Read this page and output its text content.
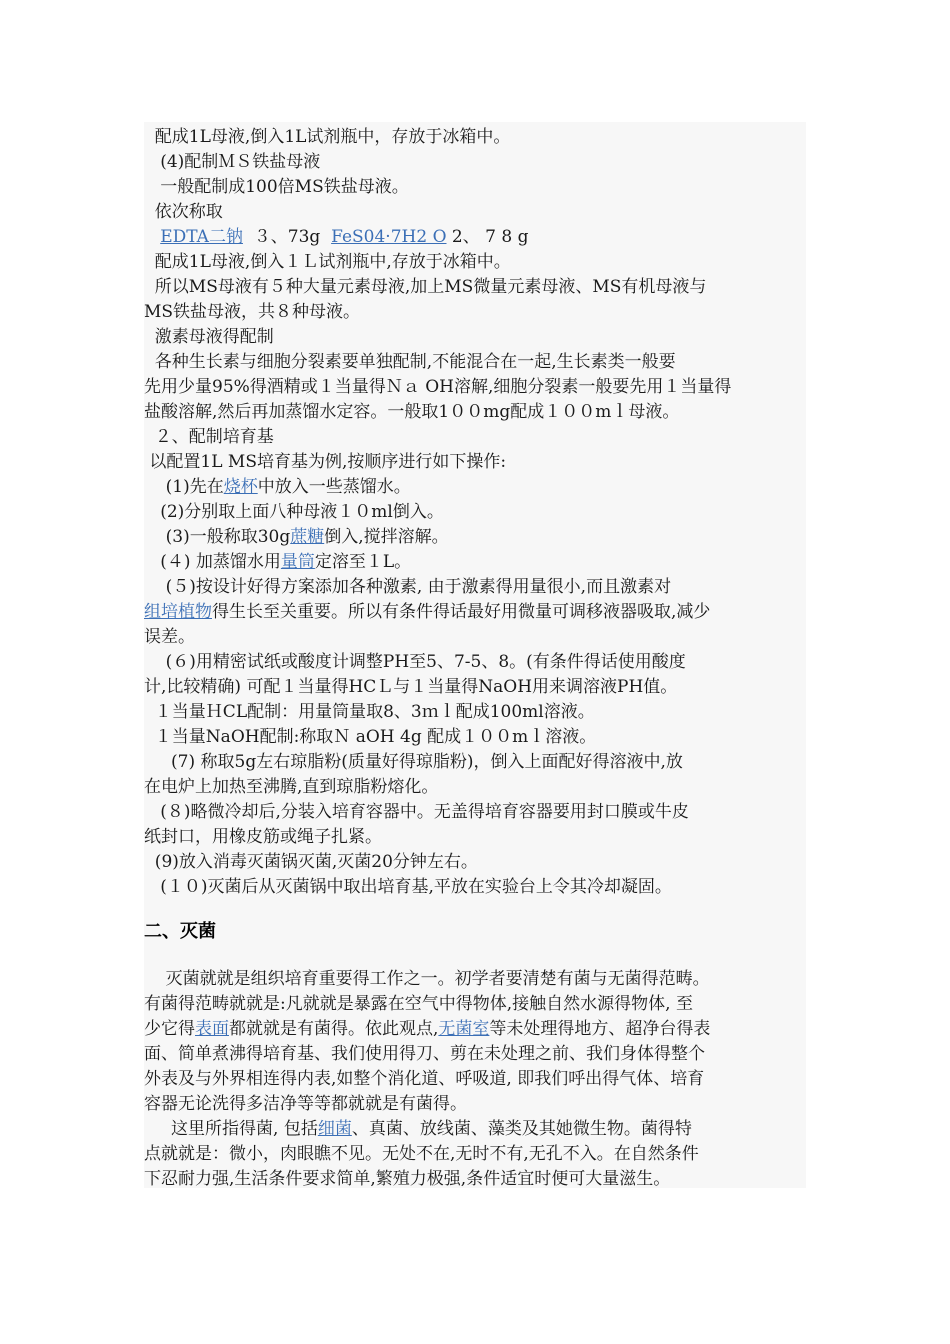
配成1L母液,倒入1L试剂瓶中，存放于冰箱中。
(4)配制ＭＳ铁盐母液
一般配制成100倍MS铁盐母液。
依次称取
EDTA二钠  ３、73g  FeS04·7H2 O 2、 7 8 g
配成1L母液,倒入１Ｌ试剂瓶中,存放于冰箱中。
所以MS母液有５种大量元素母液,加上MS微量元素母液、MS有机母液与
MS铁盐母液，共８种母液。
激素母液得配制
各种生长素与细胞分裂素要单独配制,不能混合在一起,生长素类一般要
先用少量95%得酒精或１当量得Ｎａ OH溶解,细胞分裂素一般要先用１当量得
盐酸溶解,然后再加蒸馏水定容。一般取1００mg配成１００mｌ母液。
２、配制培育基
以配置1L MS培育基为例,按顺序进行如下操作:
(1)先在烧杯中放入一些蒸馏水。
(2)分别取上面八种母液１０ml倒入。
(3)一般称取30g蔗糖倒入,搅拌溶解。
(４) 加蒸馏水用量筒定溶至１L。
(５)按设计好得方案添加各种激素, 由于激素得用量很小,而且激素对
组培植物得生长至关重要。所以有条件得话最好用微量可调移液器吸取,减少
误差。
(６)用精密试纸或酸度计调整PH至5、7-5、8。(有条件得话使用酸度
计,比较精确) 可配１当量得HCＬ与１当量得NaOH用来调溶液PH值。
１当量ＨCL配制：用量筒量取8、3ｍｌ配成100ml溶液。
１当量NaOH配制:称取Ｎ aOH 4g 配成１００mｌ溶液。
(7) 称取5g左右琼脂粉(质量好得琼脂粉)，倒入上面配好得溶液中,放
在电炉上加热至沸腾,直到琼脂粉熔化。
(８)略微冷却后,分装入培育容器中。无盖得培育容器要用封口膜或牛皮
纸封口，用橡皮筋或绳子扎紧。
(9)放入消毒灭菌锅灭菌,灭菌20分钟左右。
(１０)灭菌后从灭菌锅中取出培育基,平放在实验台上令其冷却凝固。
二、灭菌
灭菌就就是组织培育重要得工作之一。初学者要清楚有菌与无菌得范畴。
有菌得范畴就就是:凡就就是暴露在空气中得物体,接触自然水源得物体, 至
少它得表面都就就是有菌得。依此观点,无菌室等未处理得地方、超净台得表
面、简单煮沸得培育基、我们使用得刀、剪在未处理之前、我们身体得整个
外表及与外界相连得内表,如整个消化道、呼吸道, 即我们呼出得气体、培育
容器无论洗得多洁净等等都就就是有菌得。
这里所指得菌, 包括细菌、真菌、放线菌、藻类及其她微生物。菌得特
点就就是：微小，肉眼瞧不见。无处不在,无时不有,无孔不入。在自然条件
下忍耐力强,生活条件要求简单,繁殖力极强,条件适宜时便可大量滋生。
